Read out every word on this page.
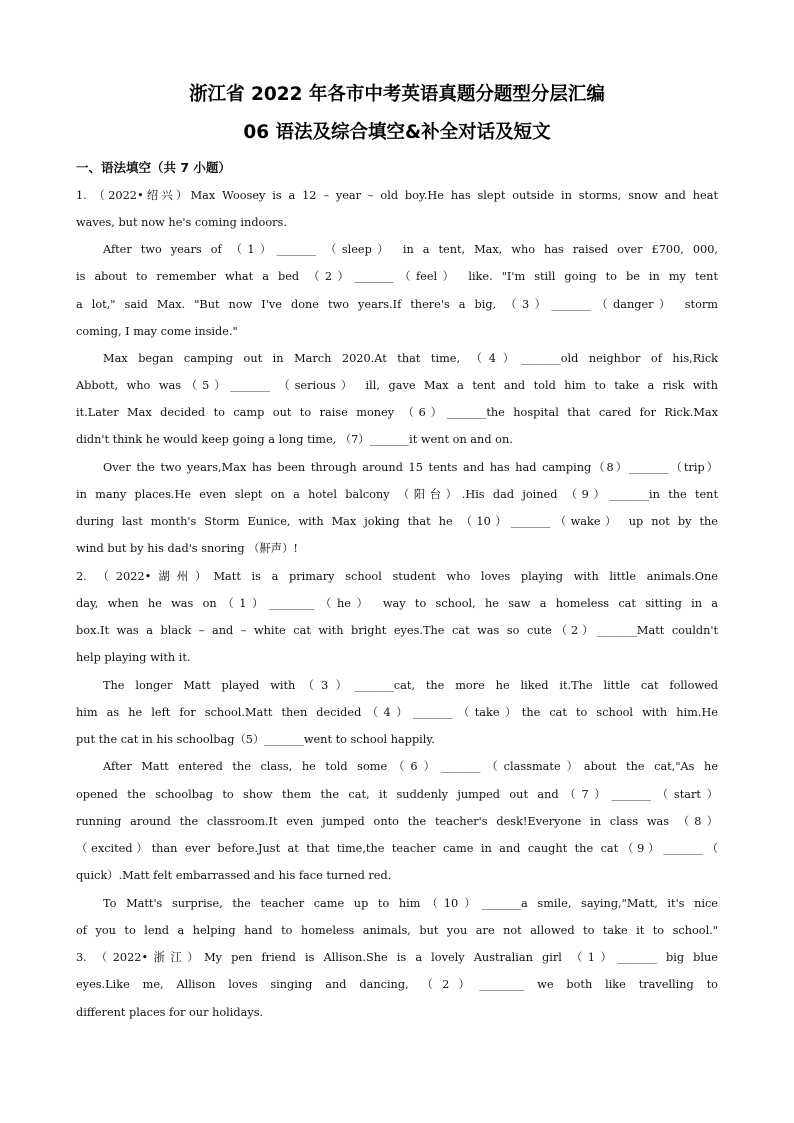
浙江省 2022 年各市中考英语真题分题型分层汇编
06 语法及综合填空&补全对话及短文
一、语法填空（共 7 小题）
1. （2022•绍兴）Max Woosey is a 12 – year – old boy.He has slept outside in storms, snow and heat
waves, but now he's coming indoors.
After two years of （1）_______ （sleep） in a tent, Max, who has raised over £700, 000,
is about to remember what a bed （2）_______（feel） like. "I'm still going to be in my tent
a lot," said Max. "But now I've done two years.If there's a big, （3）_______（danger） storm
coming, I may come inside."
Max began camping out in March 2020.At that time, （4）_______old neighbor of his,Rick
Abbott, who was（5）_______ （serious） ill, gave Max a tent and told him to take a risk with
it.Later Max decided to camp out to raise money （6）_______the hospital that cared for Rick.Max
didn't think he would keep going a long time, （7）_______it went on and on.
Over the two years,Max has been through around 15 tents and has had camping（8）_______（trip）
in many places.He even slept on a hotel balcony （阳台）.His dad joined （9）_______in the tent
during last month's Storm Eunice, with Max joking that he （10）_______（wake） up not by the
wind but by his dad's snoring （鼾声）!
2. （2022•湖州）Matt is a primary school student who loves playing with little animals.One
day, when he was on（1）________（he） way to school, he saw a homeless cat sitting in a
box.It was a black – and – white cat with bright eyes.The cat was so cute（2）_______Matt couldn't
help playing with it.
The longer Matt played with（3）_______cat, the more he liked it.The little cat followed
him as he left for school.Matt then decided（4）_______（take）the cat to school with him.He
put the cat in his schoolbag（5）_______went to school happily.
After Matt entered the class, he told some（6）_______（classmate）about the cat,"As he
opened the schoolbag to show them the cat, it suddenly jumped out and（7）_______（start）
running around the classroom.It even jumped onto the teacher's desk!Everyone in class was （8）
（excited）than ever before.Just at that time,the teacher came in and caught the cat（9）_______（
quick）.Matt felt embarrassed and his face turned red.
To Matt's surprise, the teacher came up to him（10）_______a smile, saying,"Matt, it's nice
of you to lend a helping hand to homeless animals, but you are not allowed to take it to school."
3. （2022•浙江）My pen friend is Allison.She is a lovely Australian girl （1）_______ big blue
eyes.Like me, Allison loves singing and dancing, （2）________ we both like travelling to
different places for our holidays.
